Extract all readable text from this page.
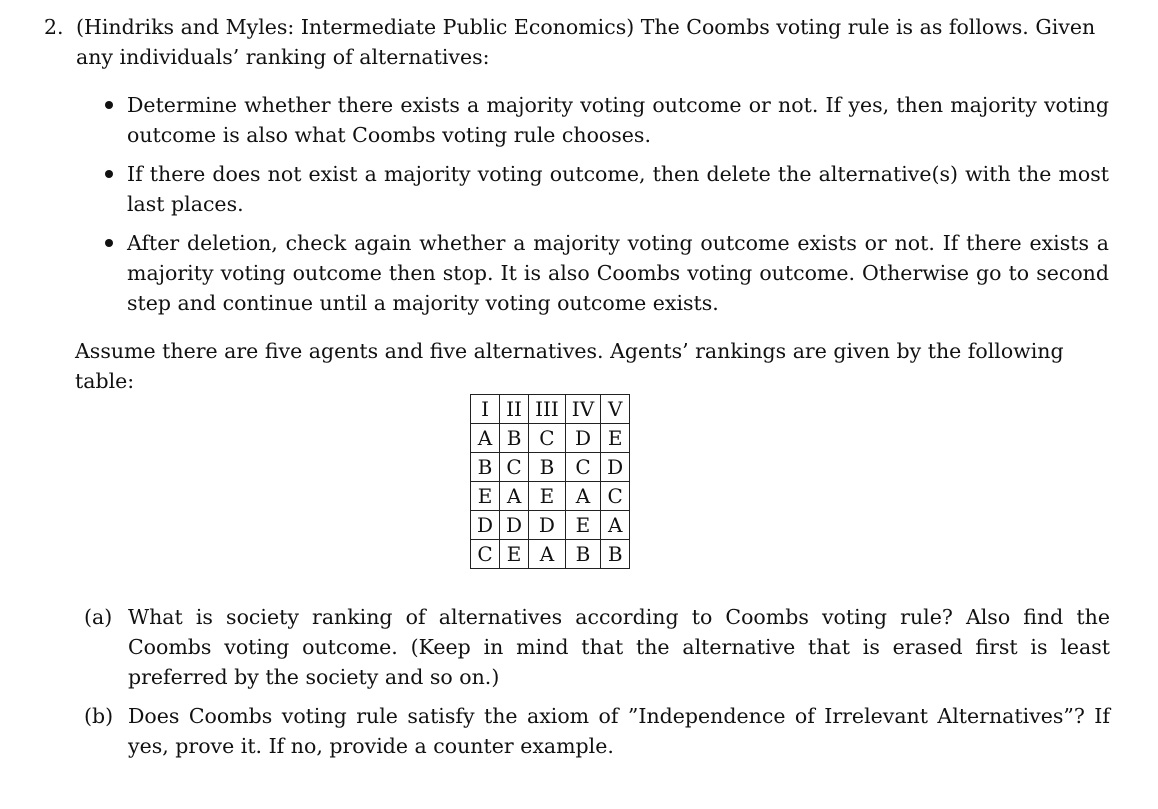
2. (Hindriks and Myles: Intermediate Public Economics) The Coombs voting rule is as follows. Given
any individuals’ ranking of alternatives:
Determine whether there exists a majority voting outcome or not. If yes, then majority voting outcome is also what Coombs voting rule chooses.
If there does not exist a majority voting outcome, then delete the alternative(s) with the most last places.
After deletion, check again whether a majority voting outcome exists or not. If there exists a majority voting outcome then stop. It is also Coombs voting outcome. Otherwise go to second step and continue until a majority voting outcome exists.
Assume there are five agents and five alternatives. Agents’ rankings are given by the following table:
I	II	III	IV	V
A	B	C	D	E
B	C	B	C	D
E	A	E	A	C
D	D	D	E	A
C	E	A	B	B
(a) What is society ranking of alternatives according to Coombs voting rule? Also find the Coombs voting outcome. (Keep in mind that the alternative that is erased first is least preferred by the society and so on.)
(b) Does Coombs voting rule satisfy the axiom of ”Independence of Irrelevant Alternatives”? If yes, prove it. If no, provide a counter example.
